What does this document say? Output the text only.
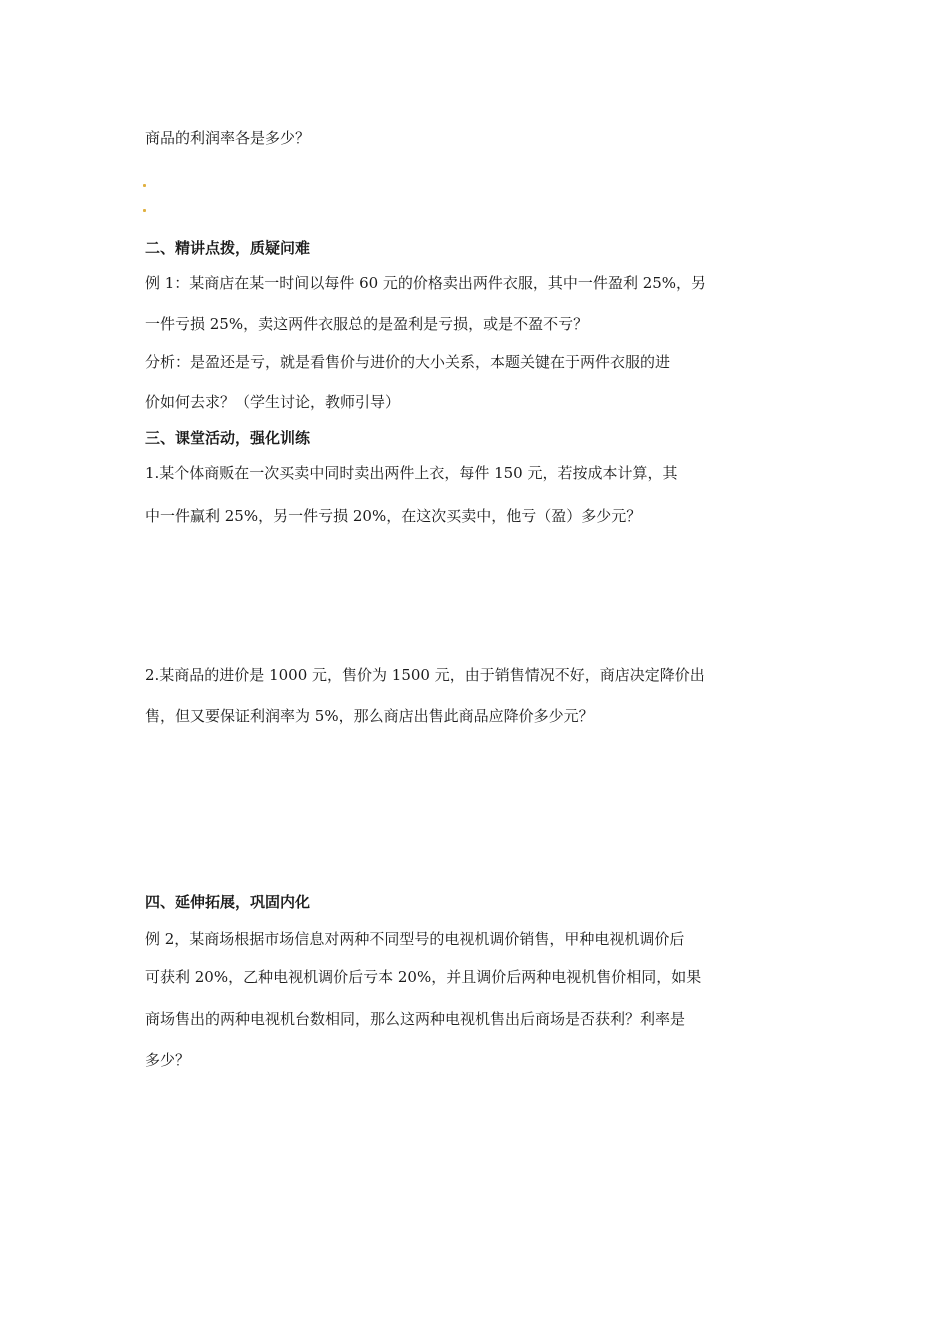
商品的利润率各是多少？
二、精讲点拨，质疑问难
例 1：某商店在某一时间以每件 60 元的价格卖出两件衣服，其中一件盈利 25%，另
一件亏损 25%，卖这两件衣服总的是盈利是亏损，或是不盈不亏？
分析：是盈还是亏，就是看售价与进价的大小关系，本题关键在于两件衣服的进
价如何去求？（学生讨论，教师引导）
三、课堂活动，强化训练
1.某个体商贩在一次买卖中同时卖出两件上衣，每件 150 元，若按成本计算，其
中一件赢利 25%，另一件亏损 20%，在这次买卖中，他亏（盈）多少元？
2.某商品的进价是 1000 元，售价为 1500 元，由于销售情况不好，商店决定降价出
售，但又要保证利润率为 5%，那么商店出售此商品应降价多少元？
四、延伸拓展，巩固内化
例 2，某商场根据市场信息对两种不同型号的电视机调价销售，甲种电视机调价后
可获利 20%，乙种电视机调价后亏本 20%，并且调价后两种电视机售价相同，如果
商场售出的两种电视机台数相同，那么这两种电视机售出后商场是否获利？利率是
多少？
